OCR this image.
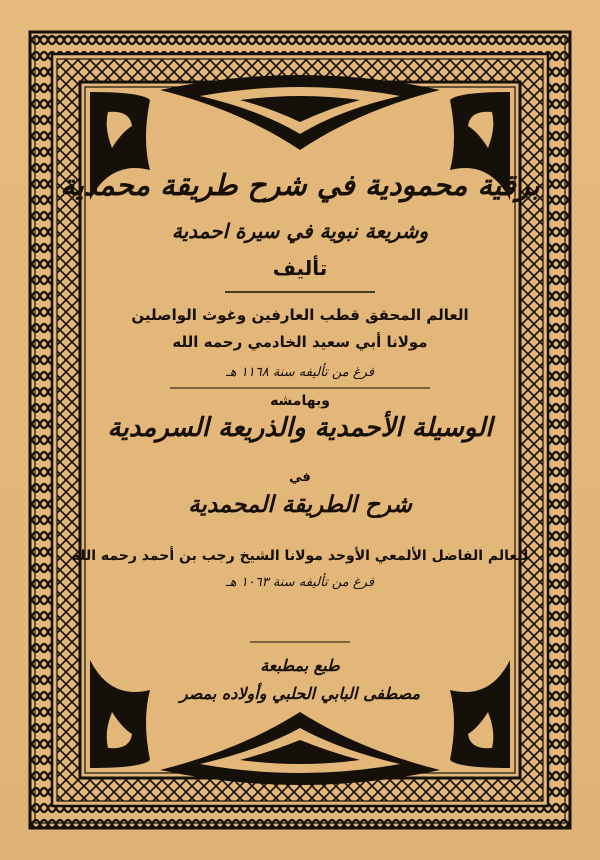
برقية محمودية في شرح طريقة محمدية
وشريعة نبوية في سيرة احمدية
تأليف
العالم المحقق قطب العارفين وغوث الواصلين
مولانا أبي سعيد الخادمي رحمه الله
فرغ من تأليفه سنة ١١٦٨ هـ
وبهامشه
الوسيلة الأحمدية والذريعة السرمدية
في
شرح الطريقة المحمدية
للعالم الفاضل الألمعي الأوحد مولانا الشيخ رجب بن أحمد رحمه الله
فرغ من تأليفه سنة ١٠٦٣ هـ
طبع بمطبعة
مصطفى البابي الحلبي وأولاده بمصر
